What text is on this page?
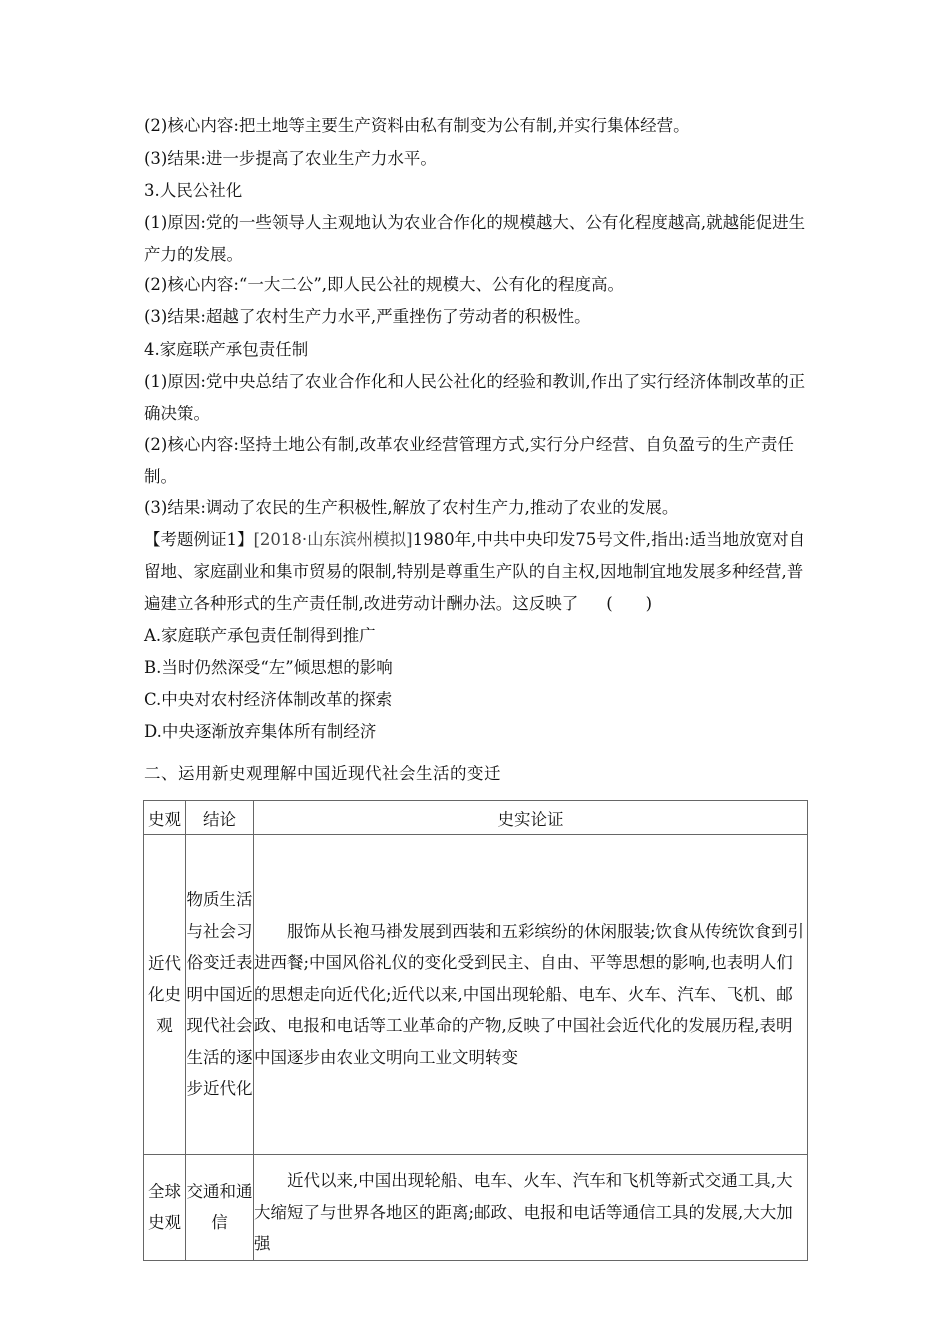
(2)核心内容:把土地等主要生产资料由私有制变为公有制,并实行集体经营。
(3)结果:进一步提高了农业生产力水平。
3.人民公社化
(1)原因:党的一些领导人主观地认为农业合作化的规模越大、公有化程度越高,就越能促进生产力的发展。
(2)核心内容:“一大二公”,即人民公社的规模大、公有化的程度高。
(3)结果:超越了农村生产力水平,严重挫伤了劳动者的积极性。
4.家庭联产承包责任制
(1)原因:党中央总结了农业合作化和人民公社化的经验和教训,作出了实行经济体制改革的正确决策。
(2)核心内容:坚持土地公有制,改革农业经营管理方式,实行分户经营、自负盈亏的生产责任制。
(3)结果:调动了农民的生产积极性,解放了农村生产力,推动了农业的发展。
【考题例证1】[2018·山东滨州模拟]1980年,中共中央印发75号文件,指出:适当地放宽对自留地、家庭副业和集市贸易的限制,特别是尊重生产队的自主权,因地制宜地发展多种经营,普遍建立各种形式的生产责任制,改进劳动计酬办法。这反映了 (　　)
A.家庭联产承包责任制得到推广
B.当时仍然深受“左”倾思想的影响
C.中央对农村经济体制改革的探索
D.中央逐渐放弃集体所有制经济
二、运用新史观理解中国近现代社会生活的变迁
史观	结论	史实论证
近代化史观	物质生活与社会习俗变迁表明中国近现代社会生活的逐步近代化	服饰从长袍马褂发展到西装和五彩缤纷的休闲服装;饮食从传统饮食到引进西餐;中国风俗礼仪的变化受到民主、自由、平等思想的影响,也表明人们的思想走向近代化;近代以来,中国出现轮船、电车、火车、汽车、飞机、邮政、电报和电话等工业革命的产物,反映了中国社会近代化的发展历程,表明中国逐步由农业文明向工业文明转变

全球史观	交通和通信	近代以来,中国出现轮船、电车、火车、汽车和飞机等新式交通工具,大大缩短了与世界各地区的距离;邮政、电报和电话等通信工具的发展,大大加强
